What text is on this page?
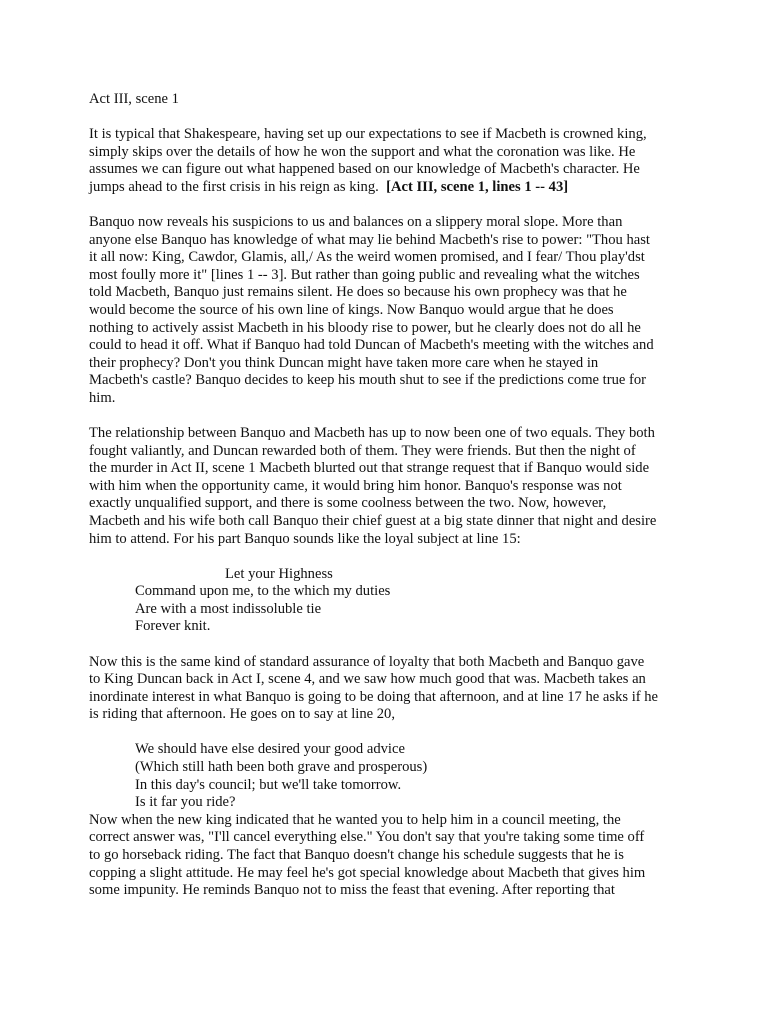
Act III, scene 1
It is typical that Shakespeare, having set up our expectations to see if Macbeth is crowned king,
simply skips over the details of how he won the support and what the coronation was like. He
assumes we can figure out what happened based on our knowledge of Macbeth's character. He
jumps ahead to the first crisis in his reign as king.  [Act III, scene 1, lines 1 -- 43]
Banquo now reveals his suspicions to us and balances on a slippery moral slope. More than
anyone else Banquo has knowledge of what may lie behind Macbeth's rise to power: "Thou hast
it all now: King, Cawdor, Glamis, all,/ As the weird women promised, and I fear/ Thou play'dst
most foully more it" [lines 1 -- 3]. But rather than going public and revealing what the witches
told Macbeth, Banquo just remains silent. He does so because his own prophecy was that he
would become the source of his own line of kings. Now Banquo would argue that he does
nothing to actively assist Macbeth in his bloody rise to power, but he clearly does not do all he
could to head it off. What if Banquo had told Duncan of Macbeth's meeting with the witches and
their prophecy? Don't you think Duncan might have taken more care when he stayed in
Macbeth's castle? Banquo decides to keep his mouth shut to see if the predictions come true for
him.
The relationship between Banquo and Macbeth has up to now been one of two equals. They both
fought valiantly, and Duncan rewarded both of them. They were friends. But then the night of
the murder in Act II, scene 1 Macbeth blurted out that strange request that if Banquo would side
with him when the opportunity came, it would bring him honor. Banquo's response was not
exactly unqualified support, and there is some coolness between the two. Now, however,
Macbeth and his wife both call Banquo their chief guest at a big state dinner that night and desire
him to attend. For his part Banquo sounds like the loyal subject at line 15:
Let your Highness
Command upon me, to the which my duties
Are with a most indissoluble tie
Forever knit.
Now this is the same kind of standard assurance of loyalty that both Macbeth and Banquo gave
to King Duncan back in Act I, scene 4, and we saw how much good that was. Macbeth takes an
inordinate interest in what Banquo is going to be doing that afternoon, and at line 17 he asks if he
is riding that afternoon. He goes on to say at line 20,
We should have else desired your good advice
(Which still hath been both grave and prosperous)
In this day's council; but we'll take tomorrow.
Is it far you ride?
Now when the new king indicated that he wanted you to help him in a council meeting, the
correct answer was, "I'll cancel everything else." You don't say that you're taking some time off
to go horseback riding. The fact that Banquo doesn't change his schedule suggests that he is
copping a slight attitude. He may feel he's got special knowledge about Macbeth that gives him
some impunity. He reminds Banquo not to miss the feast that evening. After reporting that
